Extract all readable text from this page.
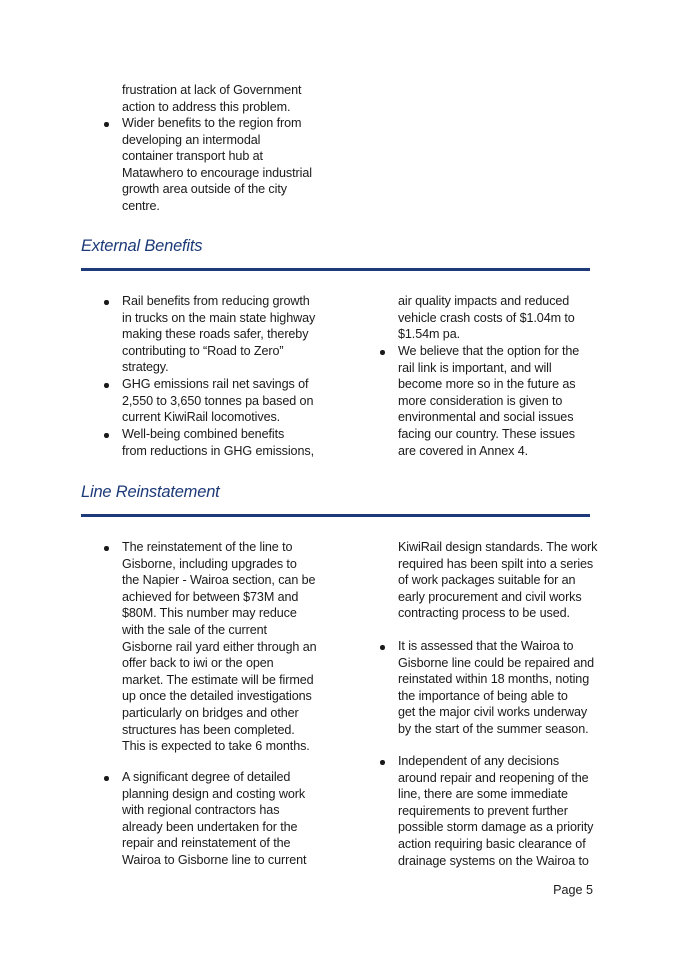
frustration at lack of Government
action to address this problem.
Wider benefits to the region from
developing an intermodal
container transport hub at
Matawhero to encourage industrial
growth area outside of the city
centre.
External Benefits
Rail benefits from reducing growth
in trucks on the main state highway
making these roads safer, thereby
contributing to “Road to Zero”
strategy.
GHG emissions rail net savings of
2,550 to 3,650 tonnes pa based on
current KiwiRail locomotives.
Well-being combined benefits
from reductions in GHG emissions,
air quality impacts and reduced
vehicle crash costs of $1.04m to
$1.54m pa.
We believe that the option for the
rail link is important, and will
become more so in the future as
more consideration is given to
environmental and social issues
facing our country. These issues
are covered in Annex 4.
Line Reinstatement
The reinstatement of the line to
Gisborne, including upgrades to
the Napier - Wairoa section, can be
achieved for between $73M and
$80M. This number may reduce
with the sale of the current
Gisborne rail yard either through an
offer back to iwi or the open
market. The estimate will be firmed
up once the detailed investigations
particularly on bridges and other
structures has been completed.
This is expected to take 6 months.
A significant degree of detailed
planning design and costing work
with regional contractors has
already been undertaken for the
repair and reinstatement of the
Wairoa to Gisborne line to current
KiwiRail design standards. The work
required has been spilt into a series
of work packages suitable for an
early procurement and civil works
contracting process to be used.
It is assessed that the Wairoa to
Gisborne line could be repaired and
reinstated within 18 months, noting
the importance of being able to
get the major civil works underway
by the start of the summer season.
Independent of any decisions
around repair and reopening of the
line, there are some immediate
requirements to prevent further
possible storm damage as a priority
action requiring basic clearance of
drainage systems on the Wairoa to
Page 5
